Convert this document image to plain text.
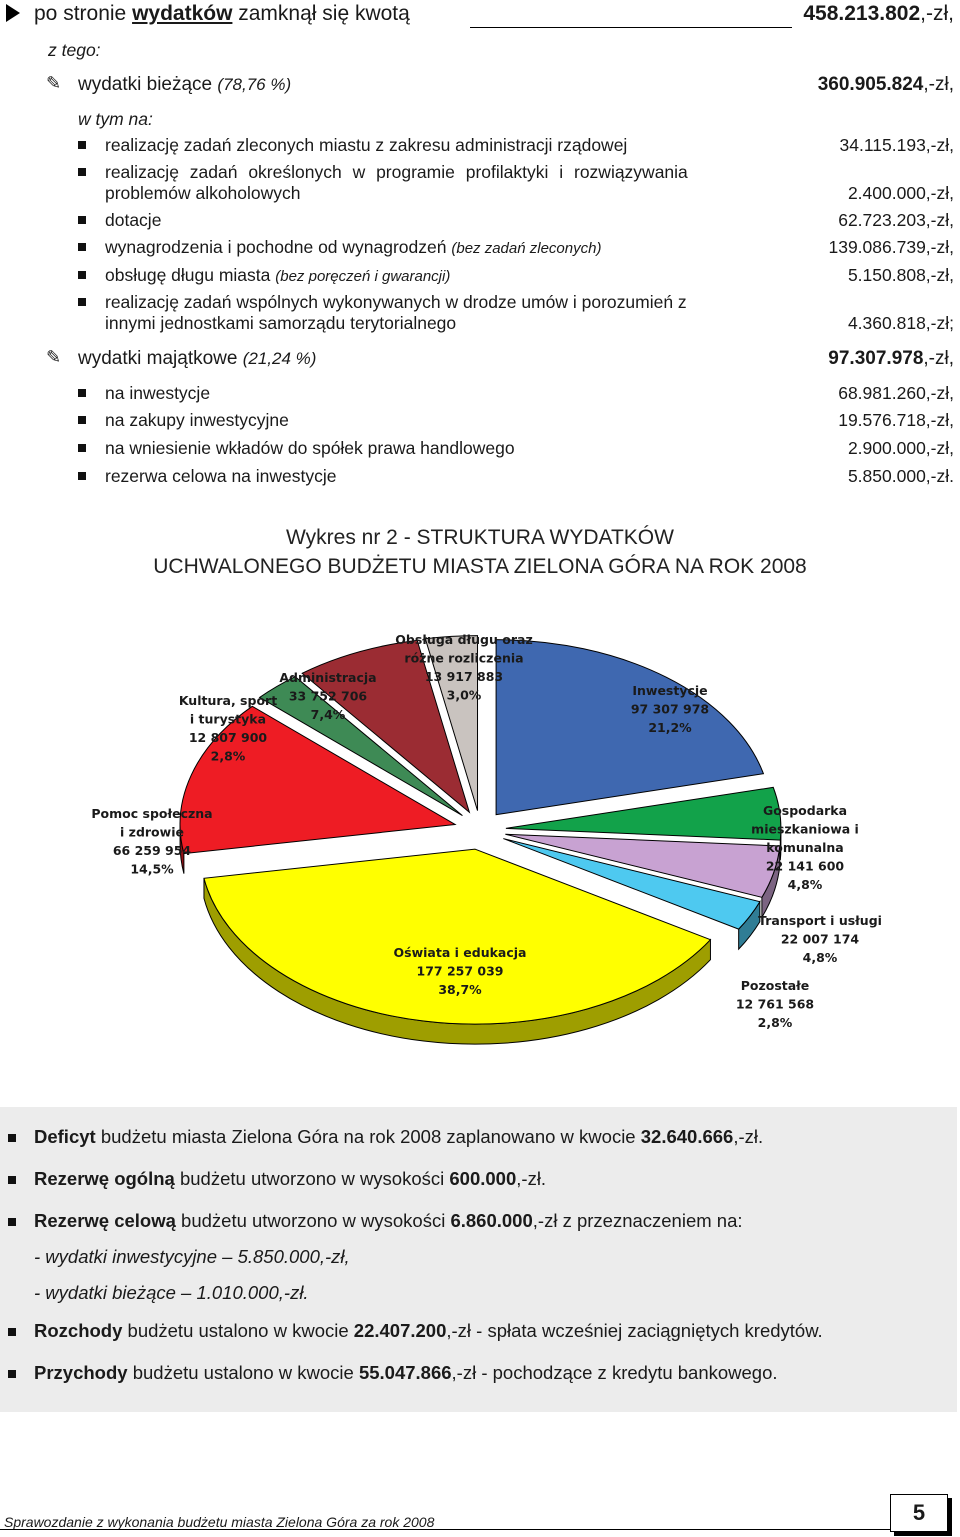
po stronie wydatków zamknął się kwotą	458.213.802,-zł,
z tego:
✎ wydatki bieżące (78,76 %)	360.905.824,-zł,
w tym na:
realizację zadań zleconych miastu z zakresu administracji rządowej	34.115.193,-zł,
realizację zadań określonych w programie profilaktyki i rozwiązywania
problemów alkoholowych	2.400.000,-zł,
dotacje	62.723.203,-zł,
wynagrodzenia i pochodne od wynagrodzeń (bez zadań zleconych)	139.086.739,-zł,
obsługę długu miasta (bez poręczeń i gwarancji)	5.150.808,-zł,
realizację zadań wspólnych wykonywanych w drodze umów i porozumień z
innymi jednostkami samorządu terytorialnego	4.360.818,-zł;
✎ wydatki majątkowe (21,24 %)	97.307.978,-zł,
na inwestycje	68.981.260,-zł,
na zakupy inwestycyjne	19.576.718,-zł,
na wniesienie wkładów do spółek prawa handlowego	2.900.000,-zł,
rezerwa celowa na inwestycje	5.850.000,-zł.
Wykres nr 2 - STRUKTURA WYDATKÓW
UCHWALONEGO BUDŻETU MIASTA ZIELONA GÓRA NA ROK 2008
Inwestycje 97 307 978 21,2%
Gospodarka mieszkaniowa i komunalna 22 141 600 4,8%
Transport i usługi 22 007 174 4,8%
Pozostałe 12 761 568 2,8%
Oświata i edukacja 177 257 039 38,7%
Pomoc społeczna i zdrowie 66 259 954 14,5%
Kultura, sport i turystyka 12 807 900 2,8%
Administracja 33 752 706 7,4%
Obsługa długu oraz różne rozliczenia 13 917 883 3,0%
Deficyt budżetu miasta Zielona Góra na rok 2008 zaplanowano w kwocie 32.640.666,-zł.
Rezerwę ogólną budżetu utworzono w wysokości 600.000,-zł.
Rezerwę celową budżetu utworzono w wysokości 6.860.000,-zł z przeznaczeniem na:
- wydatki inwestycyjne – 5.850.000,-zł,
- wydatki bieżące – 1.010.000,-zł.
Rozchody budżetu ustalono w kwocie 22.407.200,-zł - spłata wcześniej zaciągniętych kredytów.
Przychody budżetu ustalono w kwocie 55.047.866,-zł - pochodzące z kredytu bankowego.
Sprawozdanie z wykonania budżetu miasta Zielona Góra za rok 2008	5
